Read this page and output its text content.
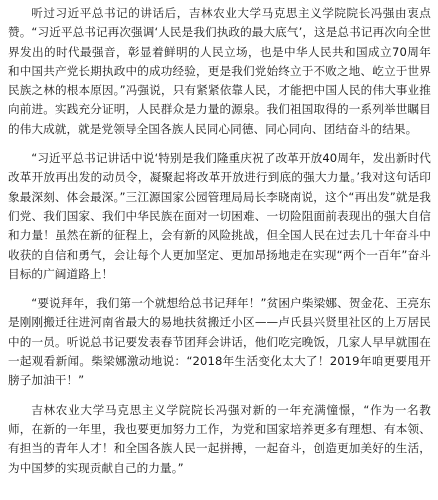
听过习近平总书记的讲话后，吉林农业大学马克思主义学院院长冯强由衷点赞。“习近平总书记再次强调‘人民是我们执政的最大底气’，这是总书记再次向全世界发出的时代最强音，彰显着鲜明的人民立场，也是中华人民共和国成立70周年和中国共产党长期执政中的成功经验，更是我们党始终立于不败之地、屹立于世界民族之林的根本原因。”冯强说，只有紧紧依靠人民，才能把中国人民的伟大事业推向前进。实践充分证明，人民群众是力量的源泉。我们祖国取得的一系列举世瞩目的伟大成就，就是党领导全国各族人民同心同德、同心同向、团结奋斗的结果。

“习近平总书记讲话中说‘特别是我们隆重庆祝了改革开放40周年，发出新时代改革开放再出发的动员令，凝聚起将改革开放进行到底的强大力量。’我对这句话印象最深刻、体会最深。”三江源国家公园管理局局长李晓南说，这个“再出发”就是我们党、我们国家、我们中华民族在面对一切困难、一切险阻面前表现出的强大自信和力量！虽然在新的征程上，会有新的风险挑战，但全国人民在过去几十年奋斗中收获的自信和勇气，会让每个人更加坚定、更加昂扬地走在实现“两个一百年”奋斗目标的广阔道路上！

“要说拜年，我们第一个就想给总书记拜年！”贫困户柴梁娜、贺金花、王亮东是刚刚搬迁往进河南省最大的易地扶贫搬迁小区——卢氏县兴贤里社区的上万居民中的一员。听说总书记要发表春节团拜会讲话，他们吃完晚饭，几家人早早就围在一起观看新闻。柴梁娜激动地说：“2018年生活变化太大了！2019年咱更要甩开膀子加油干！”

吉林农业大学马克思主义学院院长冯强对新的一年充满憧憬，“作为一名教师，在新的一年里，我也要更加努力工作，为党和国家培养更多有理想、有本领、有担当的青年人才！和全国各族人民一起拼搏，一起奋斗，创造更加美好的生活，为中国梦的实现贡献自己的力量。”
